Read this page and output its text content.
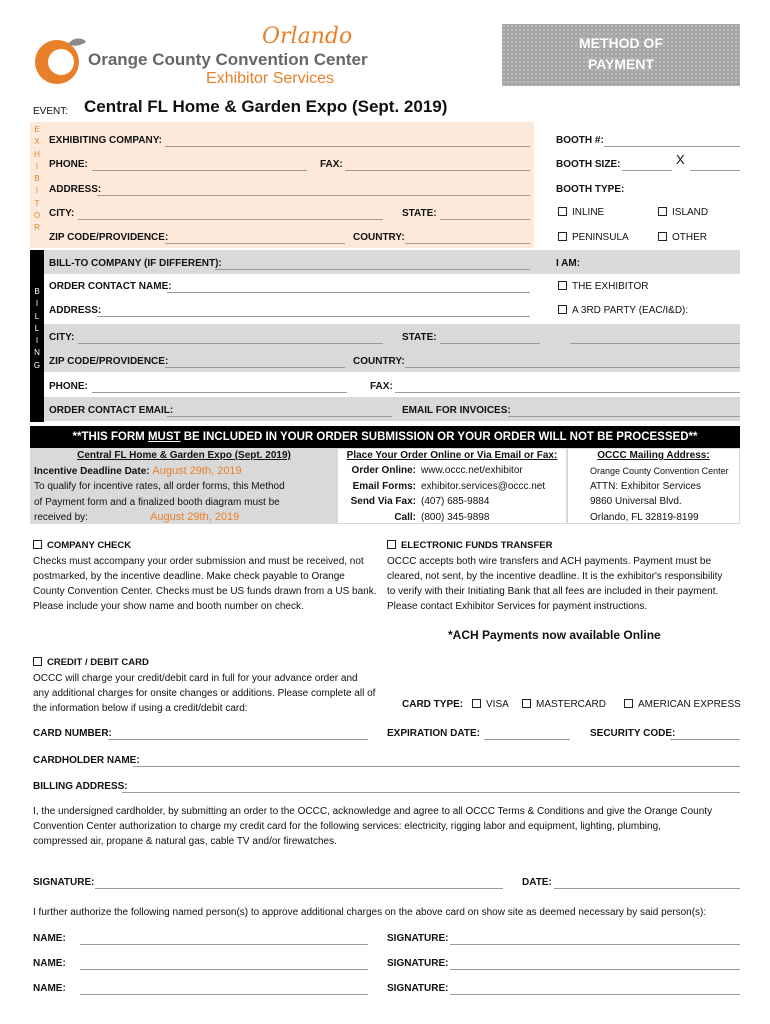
Orlando
Orange County Convention Center
Exhibitor Services
METHOD OF
PAYMENT
EVENT: Central FL Home & Garden Expo (Sept. 2019)
E
X
H
I
B
I
T
O
R
EXHIBITING COMPANY:
PHONE:	FAX:
ADDRESS:
CITY:	STATE:
ZIP CODE/PROVIDENCE:	COUNTRY:
BOOTH #:
BOOTH SIZE:	X
BOOTH TYPE:
INLINE	ISLAND
PENINSULA	OTHER
B
I
L
L
I
N
G
BILL-TO COMPANY (IF DIFFERENT):	I AM:
ORDER CONTACT NAME:	THE EXHIBITOR
ADDRESS:	A 3RD PARTY (EAC/I&D):
CITY:	STATE:
ZIP CODE/PROVIDENCE:	COUNTRY:
PHONE:	FAX:
ORDER CONTACT EMAIL:	EMAIL FOR INVOICES:
**THIS FORM MUST BE INCLUDED IN YOUR ORDER SUBMISSION OR YOUR ORDER WILL NOT BE PROCESSED**
Central FL Home & Garden Expo (Sept. 2019)
Incentive Deadline Date: August 29th, 2019
To qualify for incentive rates, all order forms, this Method
of Payment form and a finalized booth diagram must be
received by:	August 29th, 2019
Place Your Order Online or Via Email or Fax:
Order Online: www.occc.net/exhibitor
Email Forms: exhibitor.services@occc.net
Send Via Fax: (407) 685-9884
Call: (800) 345-9898
OCCC Mailing Address:
Orange County Convention Center
ATTN: Exhibitor Services
9860 Universal Blvd.
Orlando, FL 32819-8199
COMPANY CHECK
Checks must accompany your order submission and must be received, not
postmarked, by the incentive deadline. Make check payable to Orange
County Convention Center. Checks must be US funds drawn from a US bank.
Please include your show name and booth number on check.
ELECTRONIC FUNDS TRANSFER
OCCC accepts both wire transfers and ACH payments. Payment must be
cleared, not sent, by the incentive deadline. It is the exhibitor's responsibility
to verify with their Initiating Bank that all fees are included in their payment.
Please contact Exhibitor Services for payment instructions.
*ACH Payments now available Online
CREDIT / DEBIT CARD
OCCC will charge your credit/debit card in full for your advance order and
any additional charges for onsite changes or additions. Please complete all of
the information below if using a credit/debit card:	CARD TYPE:	VISA	MASTERCARD	AMERICAN EXPRESS
CARD NUMBER:	EXPIRATION DATE:	SECURITY CODE:
CARDHOLDER NAME:
BILLING ADDRESS:
I, the undersigned cardholder, by submitting an order to the OCCC, acknowledge and agree to all OCCC Terms & Conditions and give the Orange County
Convention Center authorization to charge my credit card for the following services: electricity, rigging labor and equipment, lighting, plumbing,
compressed air, propane & natural gas, cable TV and/or firewatches.
SIGNATURE:	DATE:
I further authorize the following named person(s) to approve additional charges on the above card on show site as deemed necessary by said person(s):
NAME:	SIGNATURE:
NAME:	SIGNATURE:
NAME:	SIGNATURE:
